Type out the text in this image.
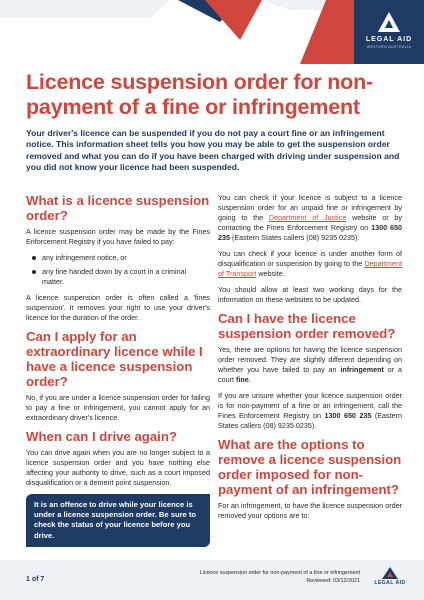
LEGAL AID
WESTERN AUSTRALIA
Licence suspension order for non-payment of a fine or infringement

Your driver's licence can be suspended if you do not pay a court fine or an infringement notice. This information sheet tells you how you may be able to get the suspension order removed and what you can do if you have been charged with driving under suspension and you did not know your licence had been suspended.

What is a licence suspension order?

A licence suspension order may be made by the Fines Enforcement Registry if you have failed to pay:

any infringement notice, or
any fine handed down by a court in a criminal matter.

A licence suspension order is often called a 'fines suspension'. It removes your right to use your driver's licence for the duration of the order.

Can I apply for an extraordinary licence while I have a licence suspension order?

No, if you are under a licence suspension order for failing to pay a fine or infringement, you cannot apply for an extraordinary driver's licence.

When can I drive again?

You can drive again when you are no longer subject to a licence suspension order and you have nothing else affecting your authority to drive, such as a court imposed disqualification or a demerit point suspension.

It is an offence to drive while your licence is under a licence suspension order. Be sure to check the status of your licence before you drive.

You can check if your licence is subject to a licence suspension order for an unpaid fine or infringement by going to the Department of Justice website or by contacting the Fines Enforcement Registry on 1300 650 235 (Eastern States callers (08) 9235 0235).

You can check if your licence is under another form of disqualification or suspension by going to the Department of Transport website.

You should allow at least two working days for the information on these websites to be updated.

Can I have the licence suspension order removed?

Yes, there are options for having the licence suspension order removed. They are slightly different depending on whether you have failed to pay an infringement or a court fine.

If you are unsure whether your licence suspension order is for non-payment of a fine or an infringement, call the Fines Enforcement Registry on 1300 650 235 (Eastern States callers (08) 9235 0235).

What are the options to remove a licence suspension order imposed for non-payment of an infringement?

For an infringement, to have the licence suspension order removed your options are to:

1 of 7
Licence suspension order for non-payment of a fine or infringement
Reviewed: 03/12/2021	LEGAL AID
